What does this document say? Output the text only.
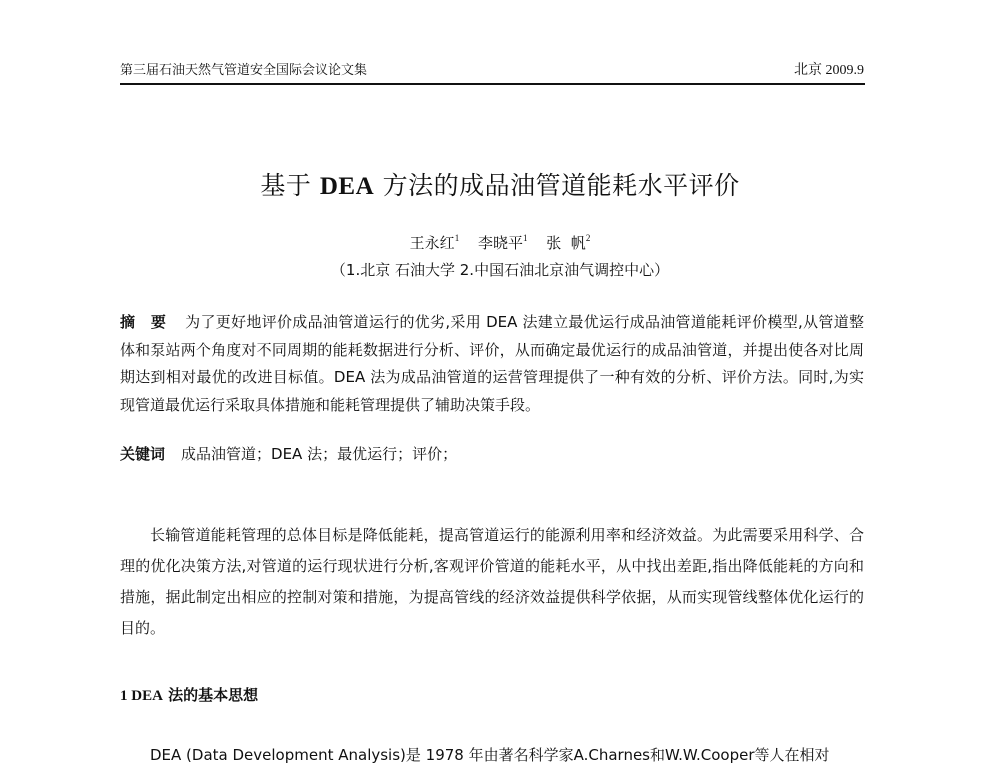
第三届石油天然气管道安全国际会议论文集	北京 2009.9
基于 DEA 方法的成品油管道能耗水平评价
王永红$^1$ 李晓平$^1$ 张  帆$^2$
（1.北京 石油大学 2.中国石油北京油气调控中心）
摘 要 为了更好地评价成品油管道运行的优劣,采用 DEA 法建立最优运行成品油管道能耗评价模型,从管道整体和泵站两个角度对不同周期的能耗数据进行分析、评价，从而确定最优运行的成品油管道，并提出使各对比周期达到相对最优的改进目标值。DEA 法为成品油管道的运营管理提供了一种有效的分析、评价方法。同时,为实现管道最优运行采取具体措施和能耗管理提供了辅助决策手段。
关键词 成品油管道；DEA 法；最优运行；评价；
长输管道能耗管理的总体目标是降低能耗，提高管道运行的能源利用率和经济效益。为此需要采用科学、合理的优化决策方法,对管道的运行现状进行分析,客观评价管道的能耗水平，从中找出差距,指出降低能耗的方向和措施，据此制定出相应的控制对策和措施，为提高管线的经济效益提供科学依据，从而实现管线整体优化运行的目的。
1 DEA 法的基本思想
DEA (Data Development Analysis)是 1978 年由著名科学家A.Charnes和W.W.Cooper等人在相对
